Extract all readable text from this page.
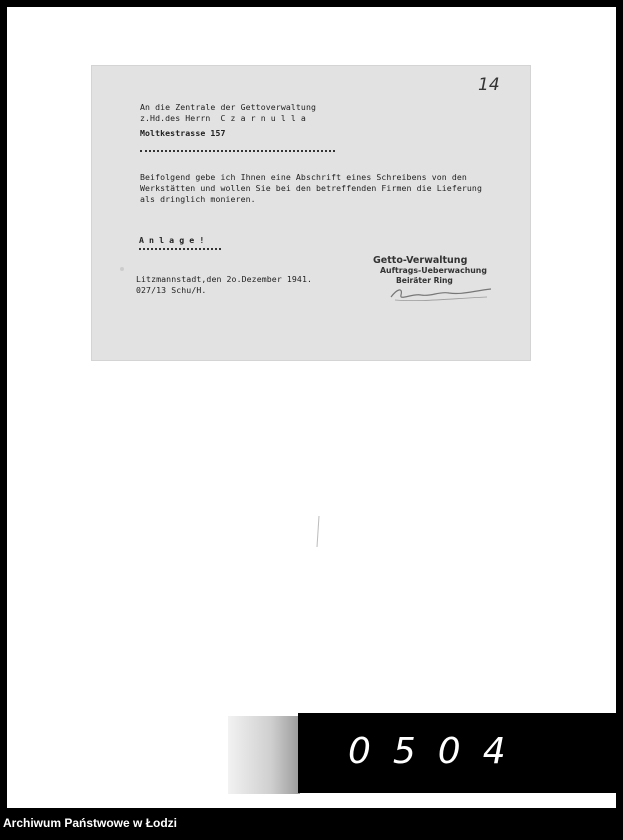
An die Zentrale der Gettoverwaltung
z.Hd.des Herrn  C z a r n u l l a
Moltkestrasse 157
Beifolgend gebe ich Ihnen eine Abschrift eines Schreibens von den
Werkstätten und wollen Sie bei den betreffenden Firmen die Lieferung
als dringlich monieren.
A n l a g e !
Litzmannstadt,den 2o.Dezember 1941.
027/13 Schu/H.
14
Getto-Verwaltung
Auftrags-Ueberwachung
Beiräter Ring
0504
Archiwum Państwowe w Łodzi
